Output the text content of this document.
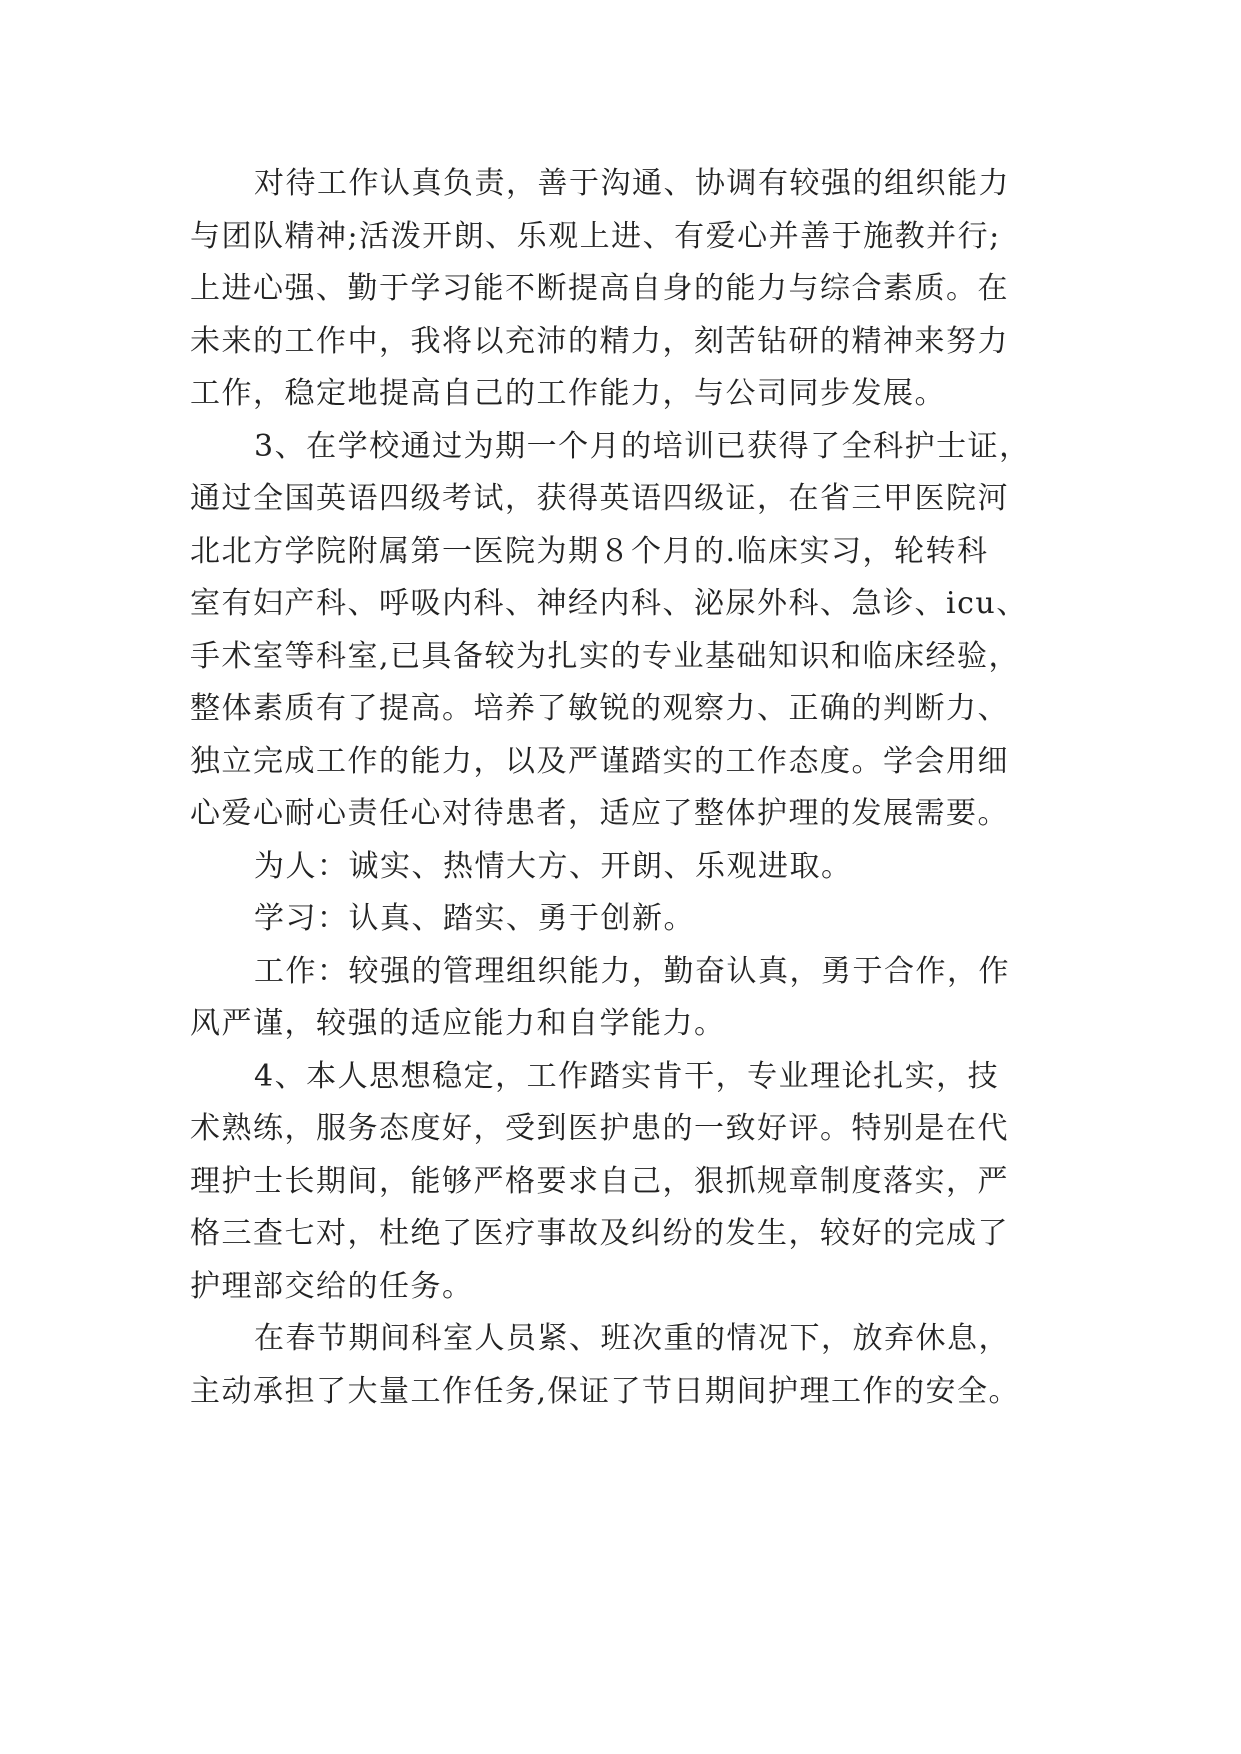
对待工作认真负责，善于沟通、协调有较强的组织能力
与团队精神;活泼开朗、乐观上进、有爱心并善于施教并行;
上进心强、勤于学习能不断提高自身的能力与综合素质。在
未来的工作中，我将以充沛的精力，刻苦钻研的精神来努力
工作，稳定地提高自己的工作能力，与公司同步发展。
3、在学校通过为期一个月的培训已获得了全科护士证，
通过全国英语四级考试，获得英语四级证，在省三甲医院河
北北方学院附属第一医院为期８个月的.临床实习，轮转科
室有妇产科、呼吸内科、神经内科、泌尿外科、急诊、icu、
手术室等科室,已具备较为扎实的专业基础知识和临床经验，
整体素质有了提高。培养了敏锐的观察力、正确的判断力、
独立完成工作的能力，以及严谨踏实的工作态度。学会用细
心爱心耐心责任心对待患者，适应了整体护理的发展需要。
为人：诚实、热情大方、开朗、乐观进取。
学习：认真、踏实、勇于创新。
工作：较强的管理组织能力，勤奋认真，勇于合作，作
风严谨，较强的适应能力和自学能力。
4、本人思想稳定，工作踏实肯干，专业理论扎实，技
术熟练，服务态度好，受到医护患的一致好评。特别是在代
理护士长期间，能够严格要求自己，狠抓规章制度落实，严
格三查七对，杜绝了医疗事故及纠纷的发生，较好的完成了
护理部交给的任务。
在春节期间科室人员紧、班次重的情况下，放弃休息，
主动承担了大量工作任务,保证了节日期间护理工作的安全。
